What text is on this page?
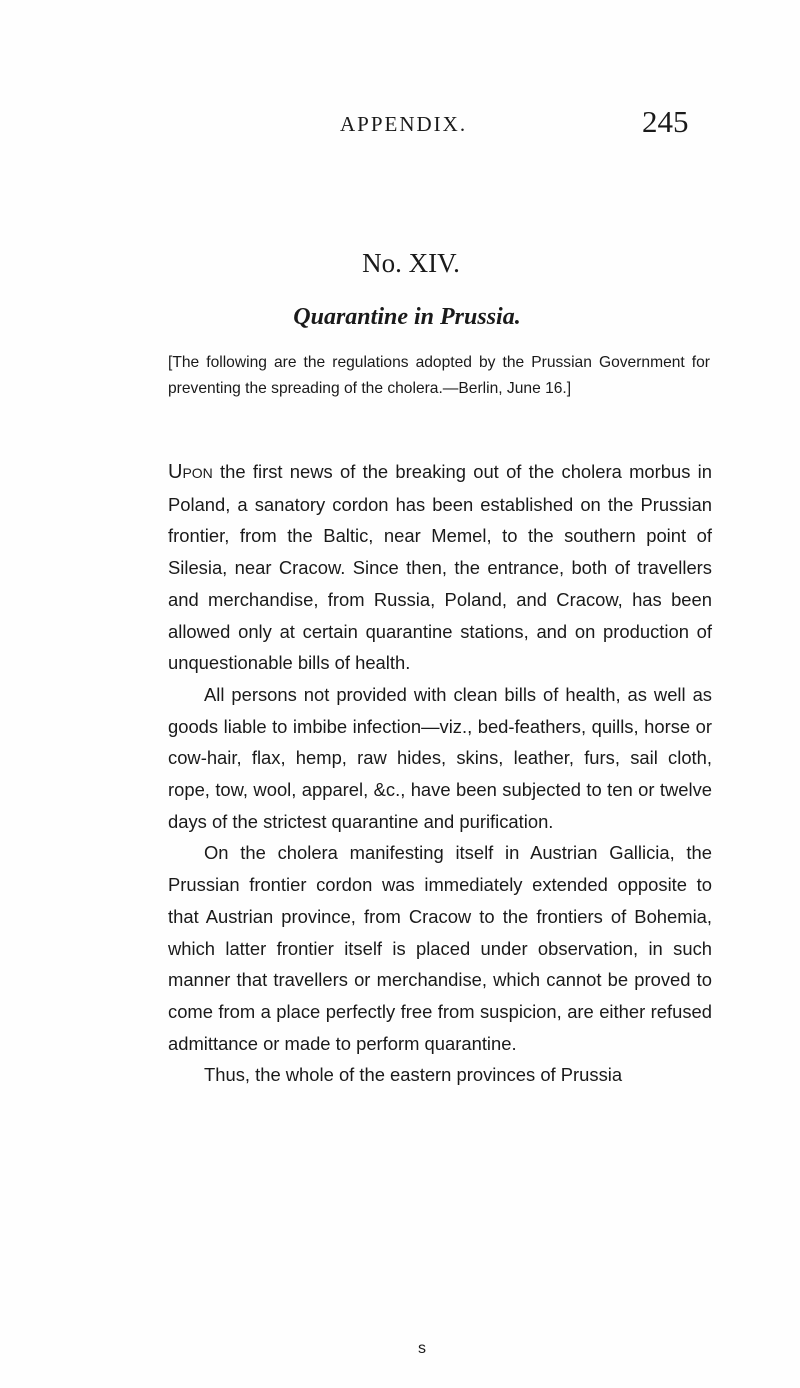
APPENDIX.	245
No. XIV.
Quarantine in Prussia.
[The following are the regulations adopted by the Prussian Government for preventing the spreading of the cholera.—Berlin, June 16.]

Upon the first news of the breaking out of the cholera morbus in Poland, a sanatory cordon has been established on the Prussian frontier, from the Baltic, near Memel, to the southern point of Silesia, near Cracow. Since then, the entrance, both of travellers and merchandise, from Russia, Poland, and Cracow, has been allowed only at certain quarantine stations, and on production of unquestionable bills of health.

All persons not provided with clean bills of health, as well as goods liable to imbibe infection—viz., bed-feathers, quills, horse or cow-hair, flax, hemp, raw hides, skins, leather, furs, sail cloth, rope, tow, wool, apparel, &c., have been subjected to ten or twelve days of the strictest quarantine and purification.

On the cholera manifesting itself in Austrian Gallicia, the Prussian frontier cordon was immediately extended opposite to that Austrian province, from Cracow to the frontiers of Bohemia, which latter frontier itself is placed under observation, in such manner that travellers or merchandise, which cannot be proved to come from a place perfectly free from suspicion, are either refused admittance or made to perform quarantine.

Thus, the whole of the eastern provinces of Prussia

s
